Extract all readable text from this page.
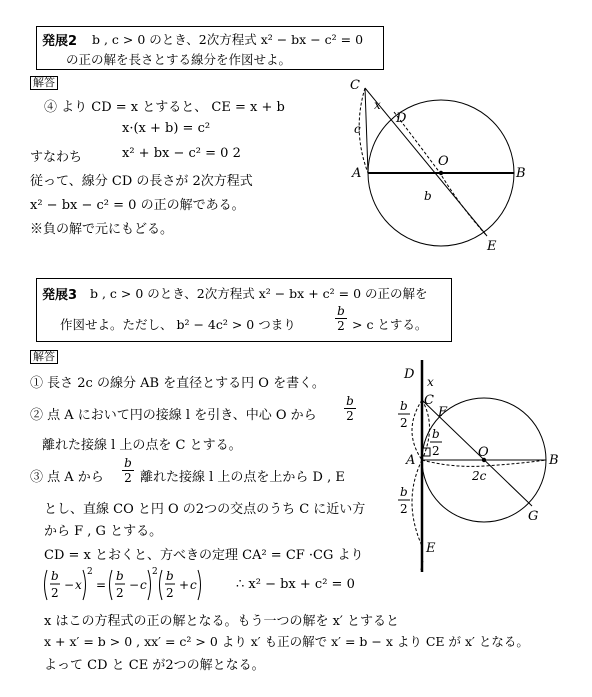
発展2 b , c > 0 のとき、2次方程式 x² − bx − c² = 0
の正の解を長さとする線分を作図せよ。
解答
④ より CD = x とすると、 CE = x + b
x·(x + b) = c²
すなわち	x² + bx − c² = 0 2
従って、線分 CD の長さが 2次方程式
x² − bx − c² = 0 の正の解である。
※負の解で元にもどる。
C
D
x
c
O
A	B
b
E
発展3 b , c > 0 のとき、2次方程式 x² − bx + c² = 0 の正の解を
作図せよ。ただし、 b² − 4c² > 0 つまり	$\frac{b}{2} > c$ とする。
解答
① 長さ 2c の線分 AB を直径とする円 O を書く。
② 点 A において円の接線 l を引き、中心 O から $\frac{b}{2}$
離れた接線 l 上の点を C とする。
③ 点 A から $\frac{b}{2}$ 離れた接線 l 上の点を上から D , E
とし、直線 CO と円 O の2つの交点のうち C に近い方
から F , G とする。
CD = x とおくと、方べきの定理 CA² = CF ·CG より
b
2
− x
2
=
b
2
− c
2 b
2
+ c	∴ x² − bx + c² = 0
x はこの方程式の正の解となる。もう一つの解を x′ とすると
x + x′ = b > 0 , xx′ = c² > 0 より x′ も正の解で x′ = b − x より CE が x′ となる。
よって CD と CE が2つの解となる。
D x
C
F
b
2
b
2	O
A	B
2c
G
b
2
E
l
